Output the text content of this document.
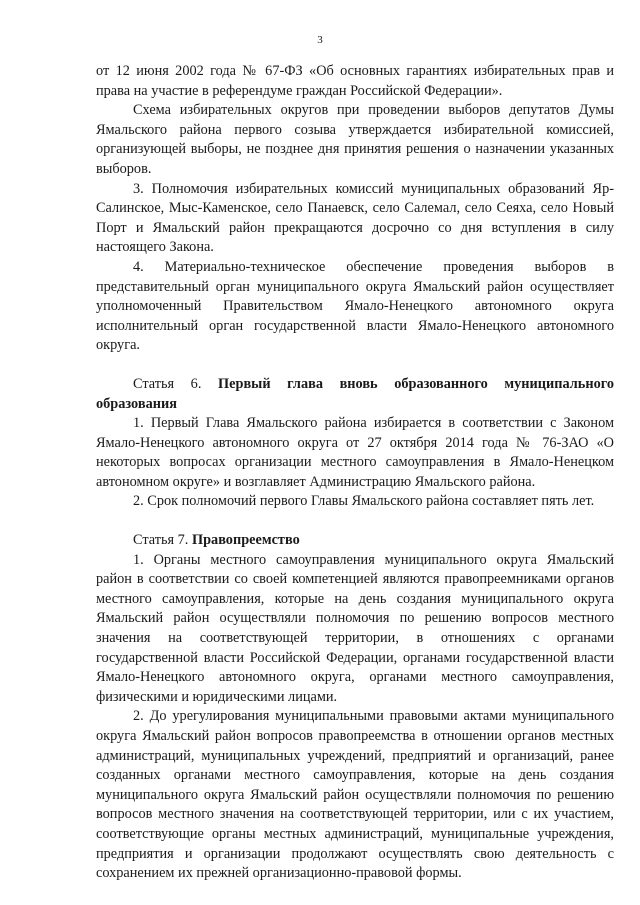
3

от 12 июня 2002 года № 67-ФЗ «Об основных гарантиях избирательных прав и права на участие в референдуме граждан Российской Федерации».

Схема избирательных округов при проведении выборов депутатов Думы Ямальского района первого созыва утверждается избирательной комиссией, организующей выборы, не позднее дня принятия решения о назначении указанных выборов.

3. Полномочия избирательных комиссий муниципальных образований Яр-Салинское, Мыс-Каменское, село Панаевск, село Салемал, село Сеяха, село Новый Порт и Ямальский район прекращаются досрочно со дня вступления в силу настоящего Закона.

4. Материально-техническое обеспечение проведения выборов в представительный орган муниципального округа Ямальский район осуществляет уполномоченный Правительством Ямало-Ненецкого автономного округа исполнительный орган государственной власти Ямало-Ненецкого автономного округа.

Статья 6. Первый глава вновь образованного муниципального образования

1. Первый Глава Ямальского района избирается в соответствии с Законом Ямало-Ненецкого автономного округа от 27 октября 2014 года № 76-ЗАО «О некоторых вопросах организации местного самоуправления в Ямало-Ненецком автономном округе» и возглавляет Администрацию Ямальского района.

2. Срок полномочий первого Главы Ямальского района составляет пять лет.

Статья 7. Правопреемство

1. Органы местного самоуправления муниципального округа Ямальский район в соответствии со своей компетенцией являются правопреемниками органов местного самоуправления, которые на день создания муниципального округа Ямальский район осуществляли полномочия по решению вопросов местного значения на соответствующей территории, в отношениях с органами государственной власти Российской Федерации, органами государственной власти Ямало-Ненецкого автономного округа, органами местного самоуправления, физическими и юридическими лицами.

2. До урегулирования муниципальными правовыми актами муниципального округа Ямальский район вопросов правопреемства в отношении органов местных администраций, муниципальных учреждений, предприятий и организаций, ранее созданных органами местного самоуправления, которые на день создания муниципального округа Ямальский район осуществляли полномочия по решению вопросов местного значения на соответствующей территории, или с их участием, соответствующие органы местных администраций, муниципальные учреждения, предприятия и организации продолжают осуществлять свою деятельность с сохранением их прежней организационно-правовой формы.
